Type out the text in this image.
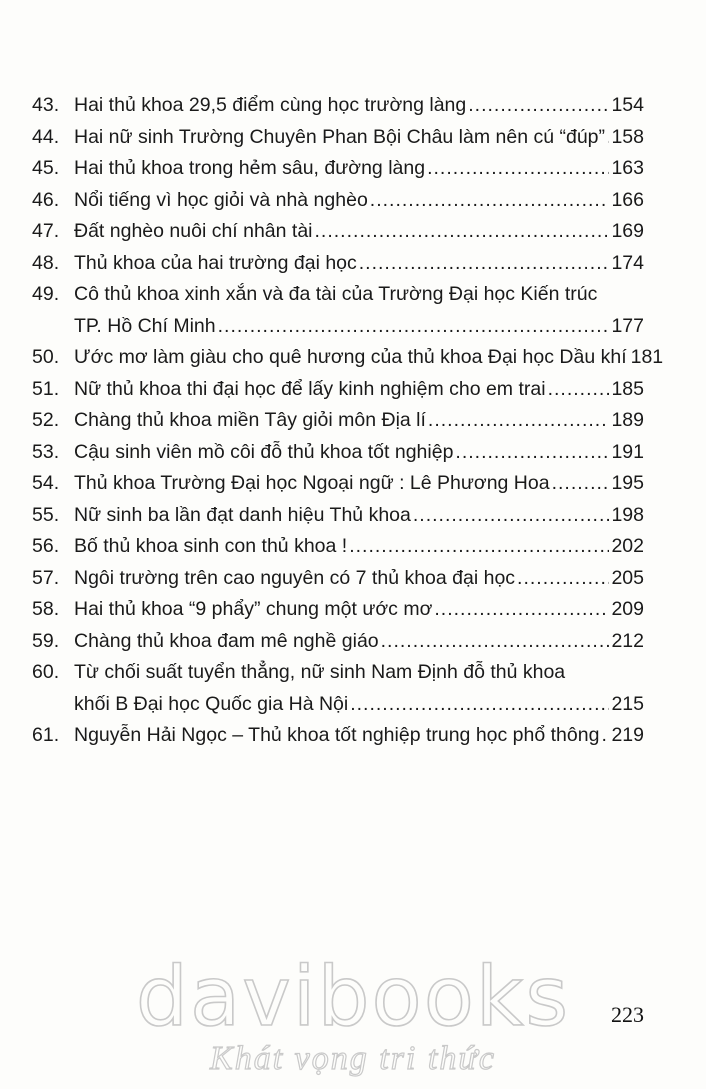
43. Hai thủ khoa 29,5 điểm cùng học trường làng .....	154
44. Hai nữ sinh Trường Chuyên Phan Bội Châu làm nên cú “đúp” ..... 158
45. Hai thủ khoa trong hẻm sâu, đường làng .....	163
46. Nổi tiếng vì học giỏi và nhà nghèo .....	166
47. Đất nghèo nuôi chí nhân tài .....	169
48. Thủ khoa của hai trường đại học .....	174
49. Cô thủ khoa xinh xắn và đa tài của Trường Đại học Kiến trúc
TP. Hồ Chí Minh .....	177
50. Ước mơ làm giàu cho quê hương của thủ khoa Đại học Dầu khí 181
51. Nữ thủ khoa thi đại học để lấy kinh nghiệm cho em trai .....	185
52. Chàng thủ khoa miền Tây giỏi môn Địa lí .....	189
53. Cậu sinh viên mồ côi đỗ thủ khoa tốt nghiệp .....	191
54. Thủ khoa Trường Đại học Ngoại ngữ : Lê Phương Hoa .....	195
55. Nữ sinh ba lần đạt danh hiệu Thủ khoa .....	198
56. Bố thủ khoa sinh con thủ khoa ! .....	202
57. Ngôi trường trên cao nguyên có 7 thủ khoa đại học .....	205
58. Hai thủ khoa “9 phẩy” chung một ước mơ .....	209
59. Chàng thủ khoa đam mê nghề giáo .....	212
60. Từ chối suất tuyển thẳng, nữ sinh Nam Định đỗ thủ khoa
khối B Đại học Quốc gia Hà Nội .....	215
61. Nguyễn Hải Ngọc – Thủ khoa tốt nghiệp trung học phổ thông ..... 219
223
davibooks
Khát vọng tri thức
